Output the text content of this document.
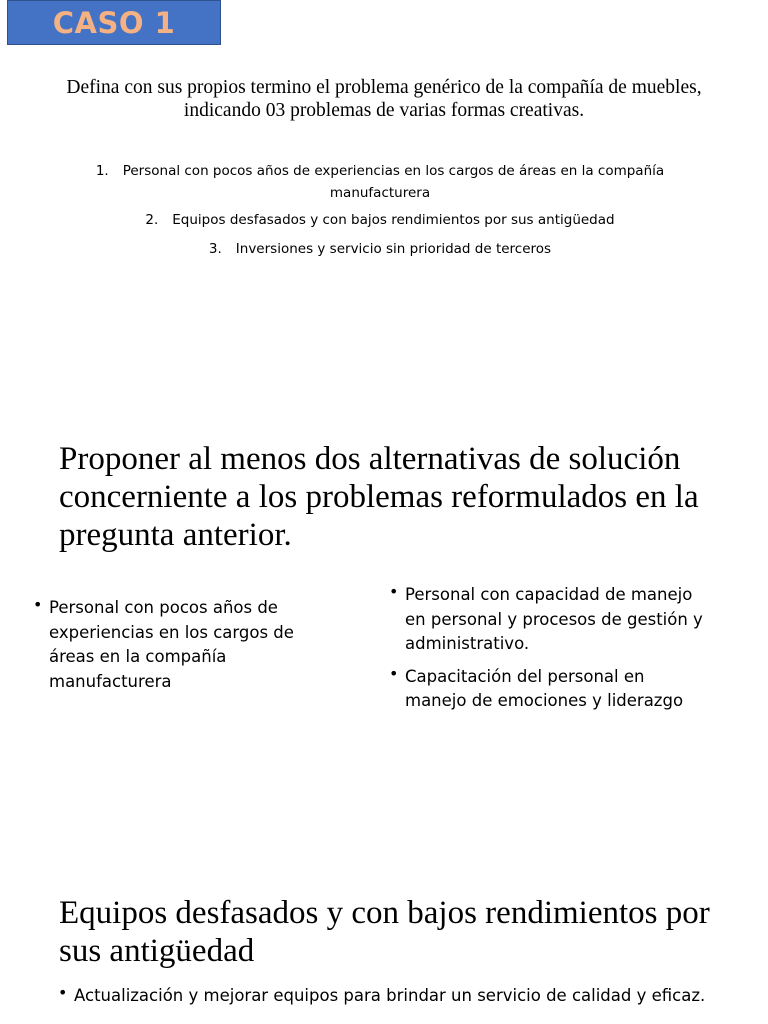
CASO 1
Defina con sus propios termino el problema genérico de la compañía de muebles,
indicando 03 problemas de varias formas creativas.
1. Personal con pocos años de experiencias en los cargos de áreas en la compañía manufacturera
2. Equipos desfasados y con bajos rendimientos por sus antigüedad
3. Inversiones y servicio sin prioridad de terceros
Proponer al menos dos alternativas de solución concerniente a los problemas reformulados en la pregunta anterior.
• Personal con pocos años de experiencias en los cargos de áreas en la compañía manufacturera
• Personal con capacidad de manejo en personal y procesos de gestión y administrativo.
• Capacitación del personal en manejo de emociones y liderazgo
Equipos desfasados y con bajos rendimientos por sus antigüedad
• Actualización y mejorar equipos para brindar un servicio de calidad y eficaz.
